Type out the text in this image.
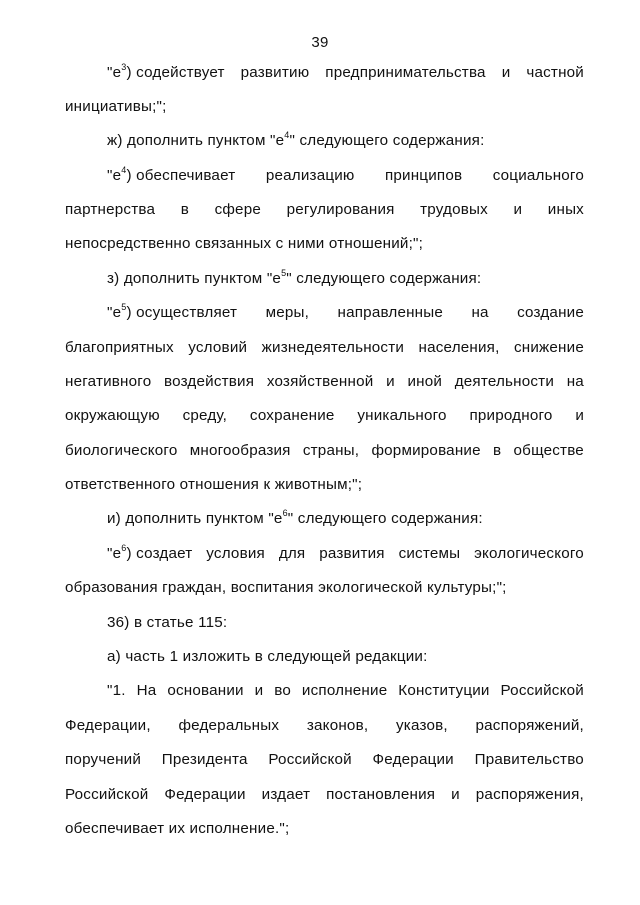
39
"$е^3$) содействует развитию предпринимательства и частной
инициативы;";
ж) дополнить пунктом "$е^4$" следующего содержания:
"$е^4$) обеспечивает реализацию принципов социального
партнерства в сфере регулирования трудовых и иных
непосредственно связанных с ними отношений;";
з) дополнить пунктом "$е^5$" следующего содержания:
"$е^5$) осуществляет меры, направленные на создание
благоприятных условий жизнедеятельности населения, снижение
негативного воздействия хозяйственной и иной деятельности на
окружающую среду, сохранение уникального природного и
биологического многообразия страны, формирование в обществе
ответственного отношения к животным;";
и) дополнить пунктом "$е^6$" следующего содержания:
"$е^6$) создает условия для развития системы экологического
образования граждан, воспитания экологической культуры;";
36) в статье 115:
а) часть 1 изложить в следующей редакции:
"1. На основании и во исполнение Конституции Российской
Федерации, федеральных законов, указов, распоряжений,
поручений Президента Российской Федерации Правительство
Российской Федерации издает постановления и распоряжения,
обеспечивает их исполнение.";
